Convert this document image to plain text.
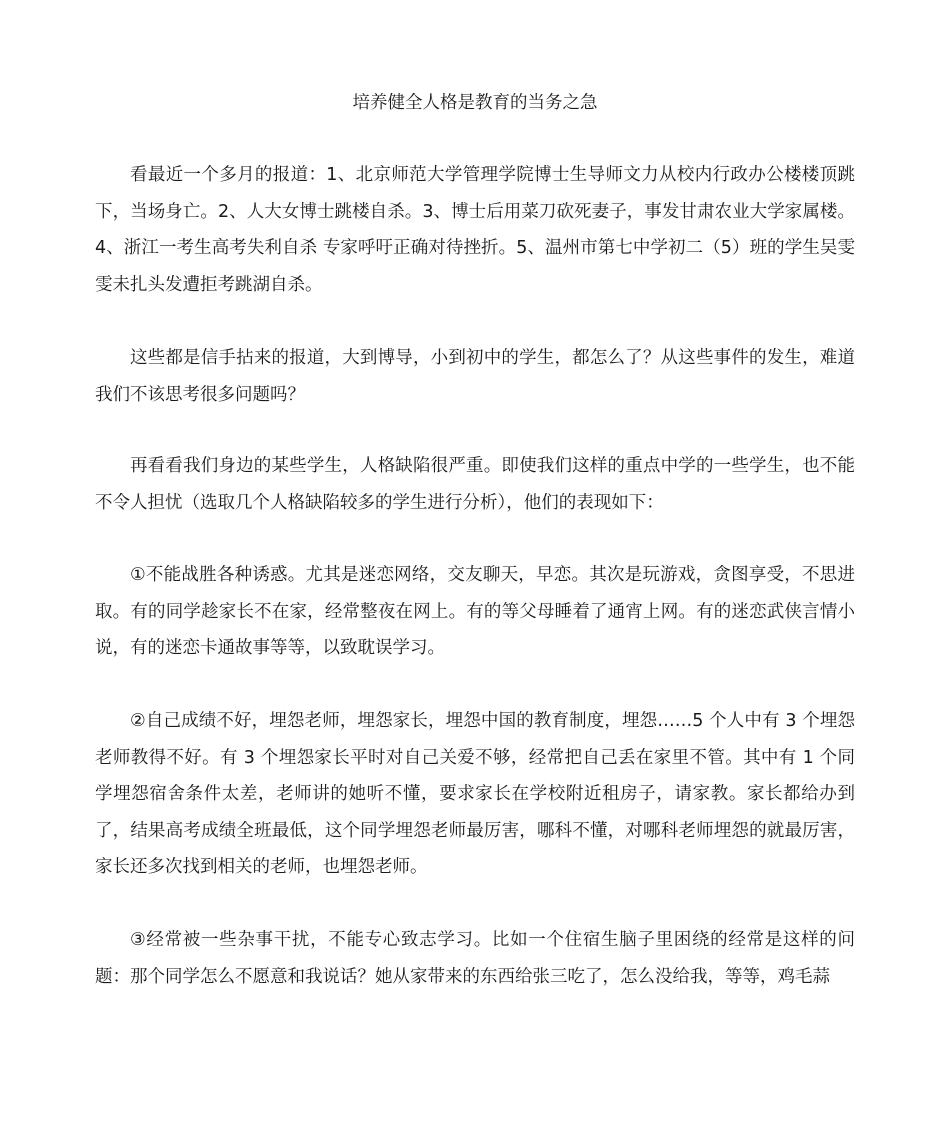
培养健全人格是教育的当务之急

看最近一个多月的报道：1、北京师范大学管理学院博士生导师文力从校内行政办公楼楼顶跳下，当场身亡。2、人大女博士跳楼自杀。3、博士后用菜刀砍死妻子，事发甘肃农业大学家属楼。4、浙江一考生高考失利自杀 专家呼吁正确对待挫折。5、温州市第七中学初二（5）班的学生吴雯雯未扎头发遭拒考跳湖自杀。

这些都是信手拈来的报道，大到博导，小到初中的学生，都怎么了？从这些事件的发生，难道我们不该思考很多问题吗？

再看看我们身边的某些学生，人格缺陷很严重。即使我们这样的重点中学的一些学生，也不能不令人担忧（选取几个人格缺陷较多的学生进行分析），他们的表现如下：

①不能战胜各种诱惑。尤其是迷恋网络，交友聊天，早恋。其次是玩游戏，贪图享受，不思进取。有的同学趁家长不在家，经常整夜在网上。有的等父母睡着了通宵上网。有的迷恋武侠言情小说，有的迷恋卡通故事等等，以致耽误学习。

②自己成绩不好，埋怨老师，埋怨家长，埋怨中国的教育制度，埋怨……5 个人中有 3 个埋怨老师教得不好。有 3 个埋怨家长平时对自己关爱不够，经常把自己丢在家里不管。其中有 1 个同学埋怨宿舍条件太差，老师讲的她听不懂，要求家长在学校附近租房子，请家教。家长都给办到了，结果高考成绩全班最低，这个同学埋怨老师最厉害，哪科不懂，对哪科老师埋怨的就最厉害，家长还多次找到相关的老师，也埋怨老师。

③经常被一些杂事干扰，不能专心致志学习。比如一个住宿生脑子里困绕的经常是这样的问题：那个同学怎么不愿意和我说话？她从家带来的东西给张三吃了，怎么没给我，等等，鸡毛蒜
